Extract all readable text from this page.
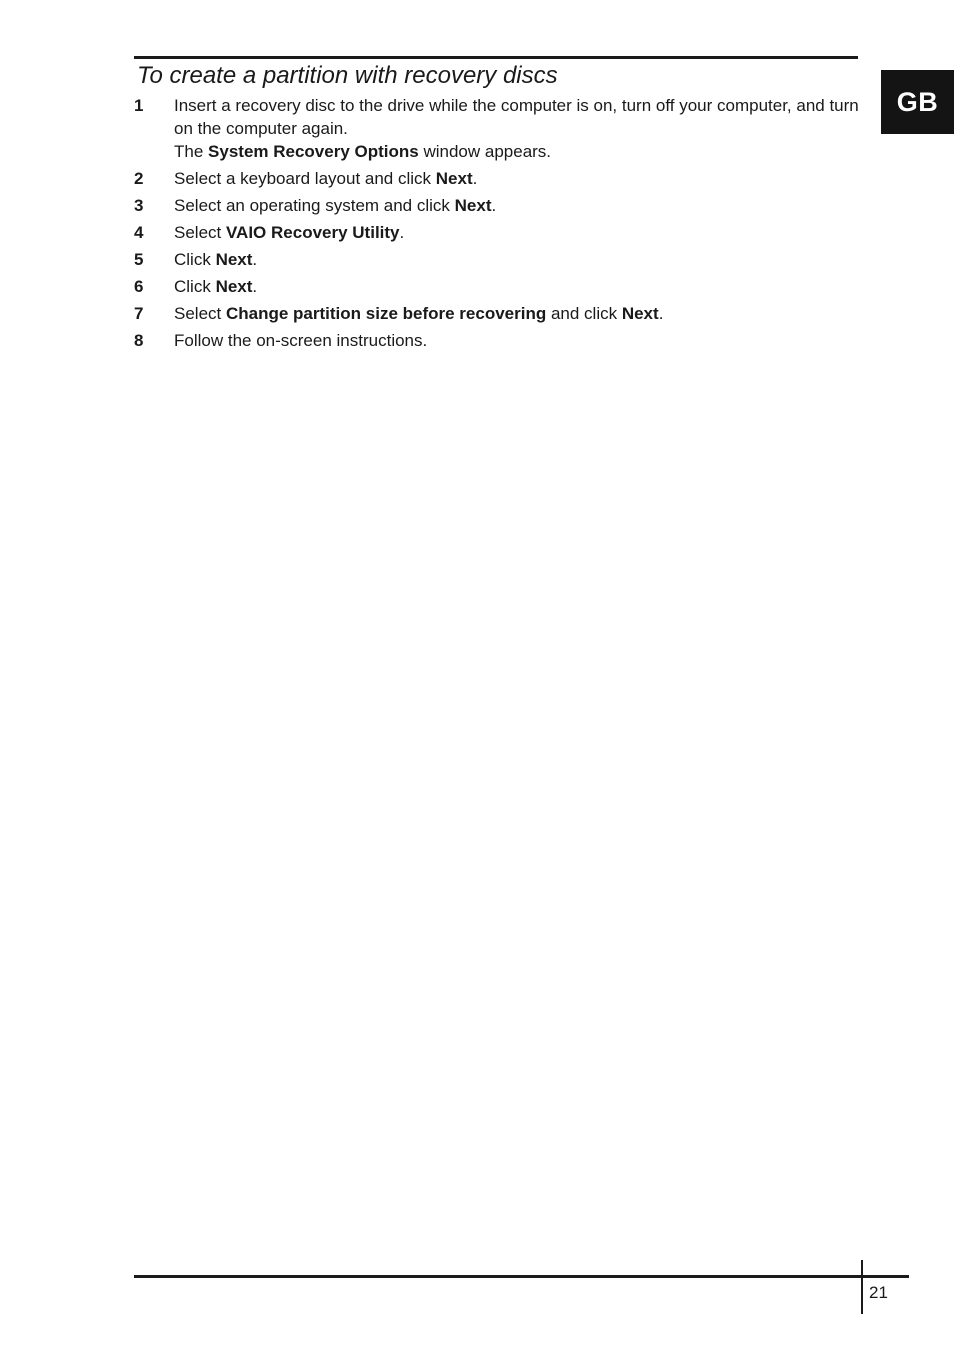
GB
To create a partition with recovery discs
1	Insert a recovery disc to the drive while the computer is on, turn off your computer, and turn on the computer again.
The System Recovery Options window appears.
2	Select a keyboard layout and click Next.
3	Select an operating system and click Next.
4	Select VAIO Recovery Utility.
5	Click Next.
6	Click Next.
7	Select Change partition size before recovering and click Next.
8	Follow the on-screen instructions.
21
